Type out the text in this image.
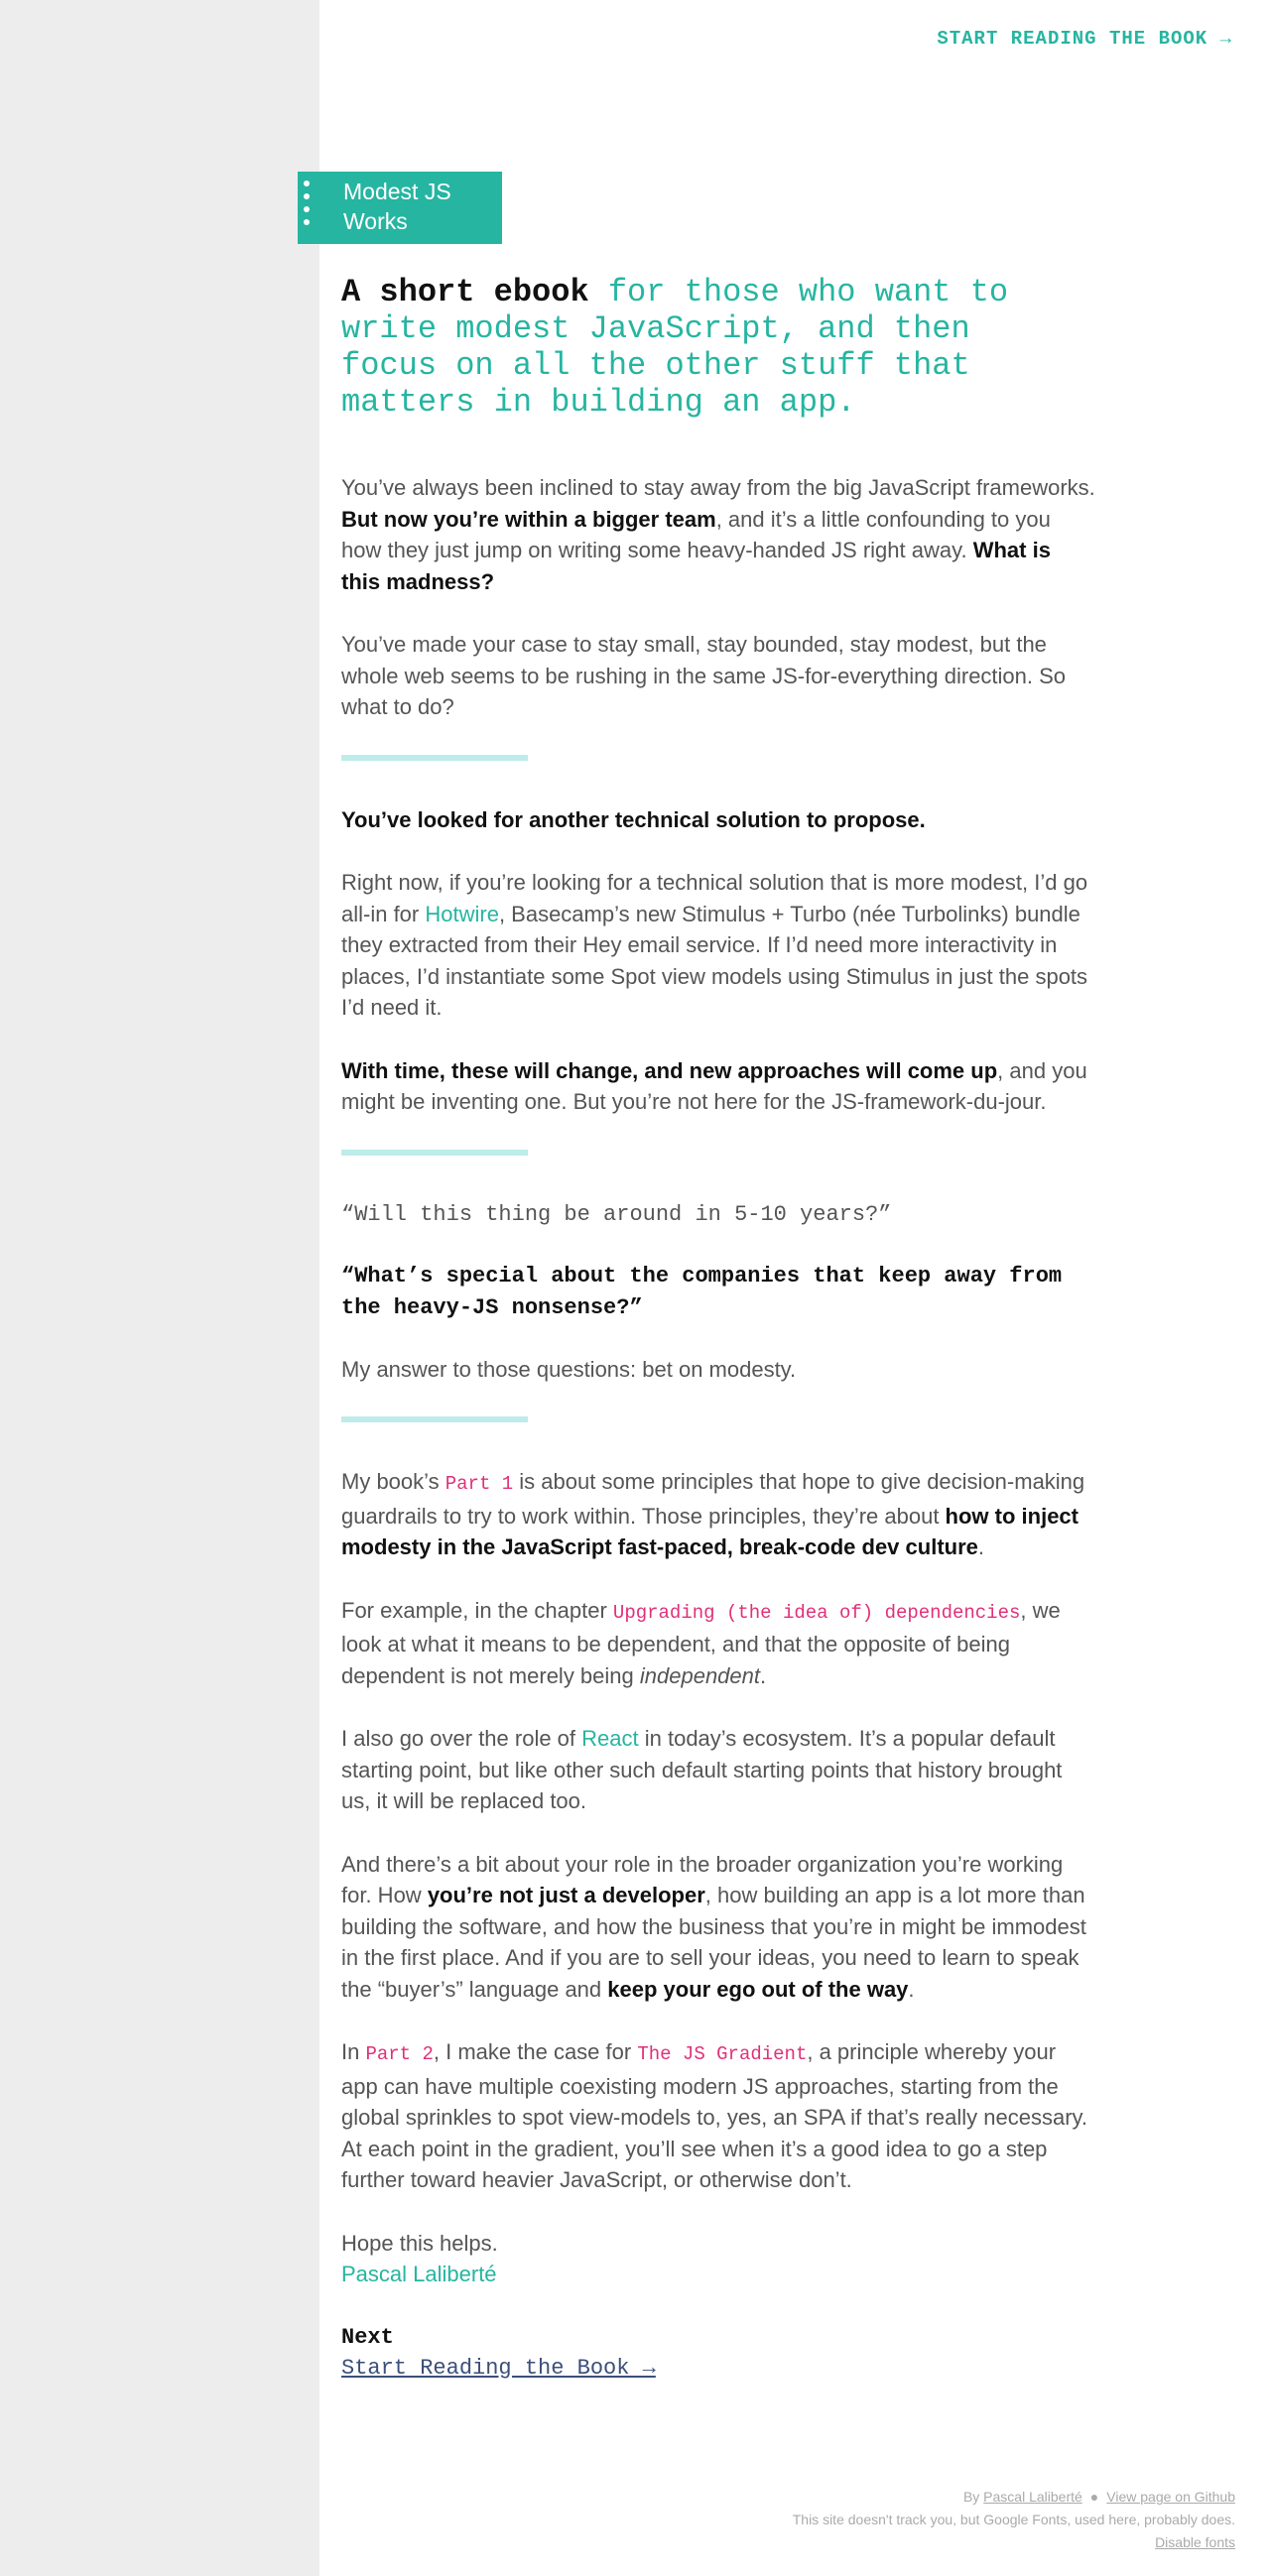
START READING THE BOOK →
Modest JS Works
A short ebook for those who want to write modest JavaScript, and then focus on all the other stuff that matters in building an app.

You’ve always been inclined to stay away from the big JavaScript frameworks. But now you’re within a bigger team, and it’s a little confounding to you how they just jump on writing some heavy-handed JS right away. What is this madness?

You’ve made your case to stay small, stay bounded, stay modest, but the whole web seems to be rushing in the same JS-for-everything direction. So what to do?

You’ve looked for another technical solution to propose.

Right now, if you’re looking for a technical solution that is more modest, I’d go all-in for Hotwire, Basecamp’s new Stimulus + Turbo (née Turbolinks) bundle they extracted from their Hey email service. If I’d need more interactivity in places, I’d instantiate some Spot view models using Stimulus in just the spots I’d need it.

With time, these will change, and new approaches will come up, and you might be inventing one. But you’re not here for the JS-framework-du-jour.

“Will this thing be around in 5-10 years?”

“What’s special about the companies that keep away from the heavy-JS nonsense?”

My answer to those questions: bet on modesty.

My book’s Part 1 is about some principles that hope to give decision-making guardrails to try to work within. Those principles, they’re about how to inject modesty in the JavaScript fast-paced, break-code dev culture.

For example, in the chapter Upgrading (the idea of) dependencies, we look at what it means to be dependent, and that the opposite of being dependent is not merely being independent.

I also go over the role of React in today’s ecosystem. It’s a popular default starting point, but like other such default starting points that history brought us, it will be replaced too.

And there’s a bit about your role in the broader organization you’re working for. How you’re not just a developer, how building an app is a lot more than building the software, and how the business that you’re in might be immodest in the first place. And if you are to sell your ideas, you need to learn to speak the “buyer’s” language and keep your ego out of the way.

In Part 2, I make the case for The JS Gradient, a principle whereby your app can have multiple coexisting modern JS approaches, starting from the global sprinkles to spot view-models to, yes, an SPA if that’s really necessary. At each point in the gradient, you’ll see when it’s a good idea to go a step further toward heavier JavaScript, or otherwise don’t.

Hope this helps.
Pascal Laliberté

Next
Start Reading the Book →
By Pascal Laliberté ● View page on Github
This site doesn't track you, but Google Fonts, used here, probably does.
Disable fonts
